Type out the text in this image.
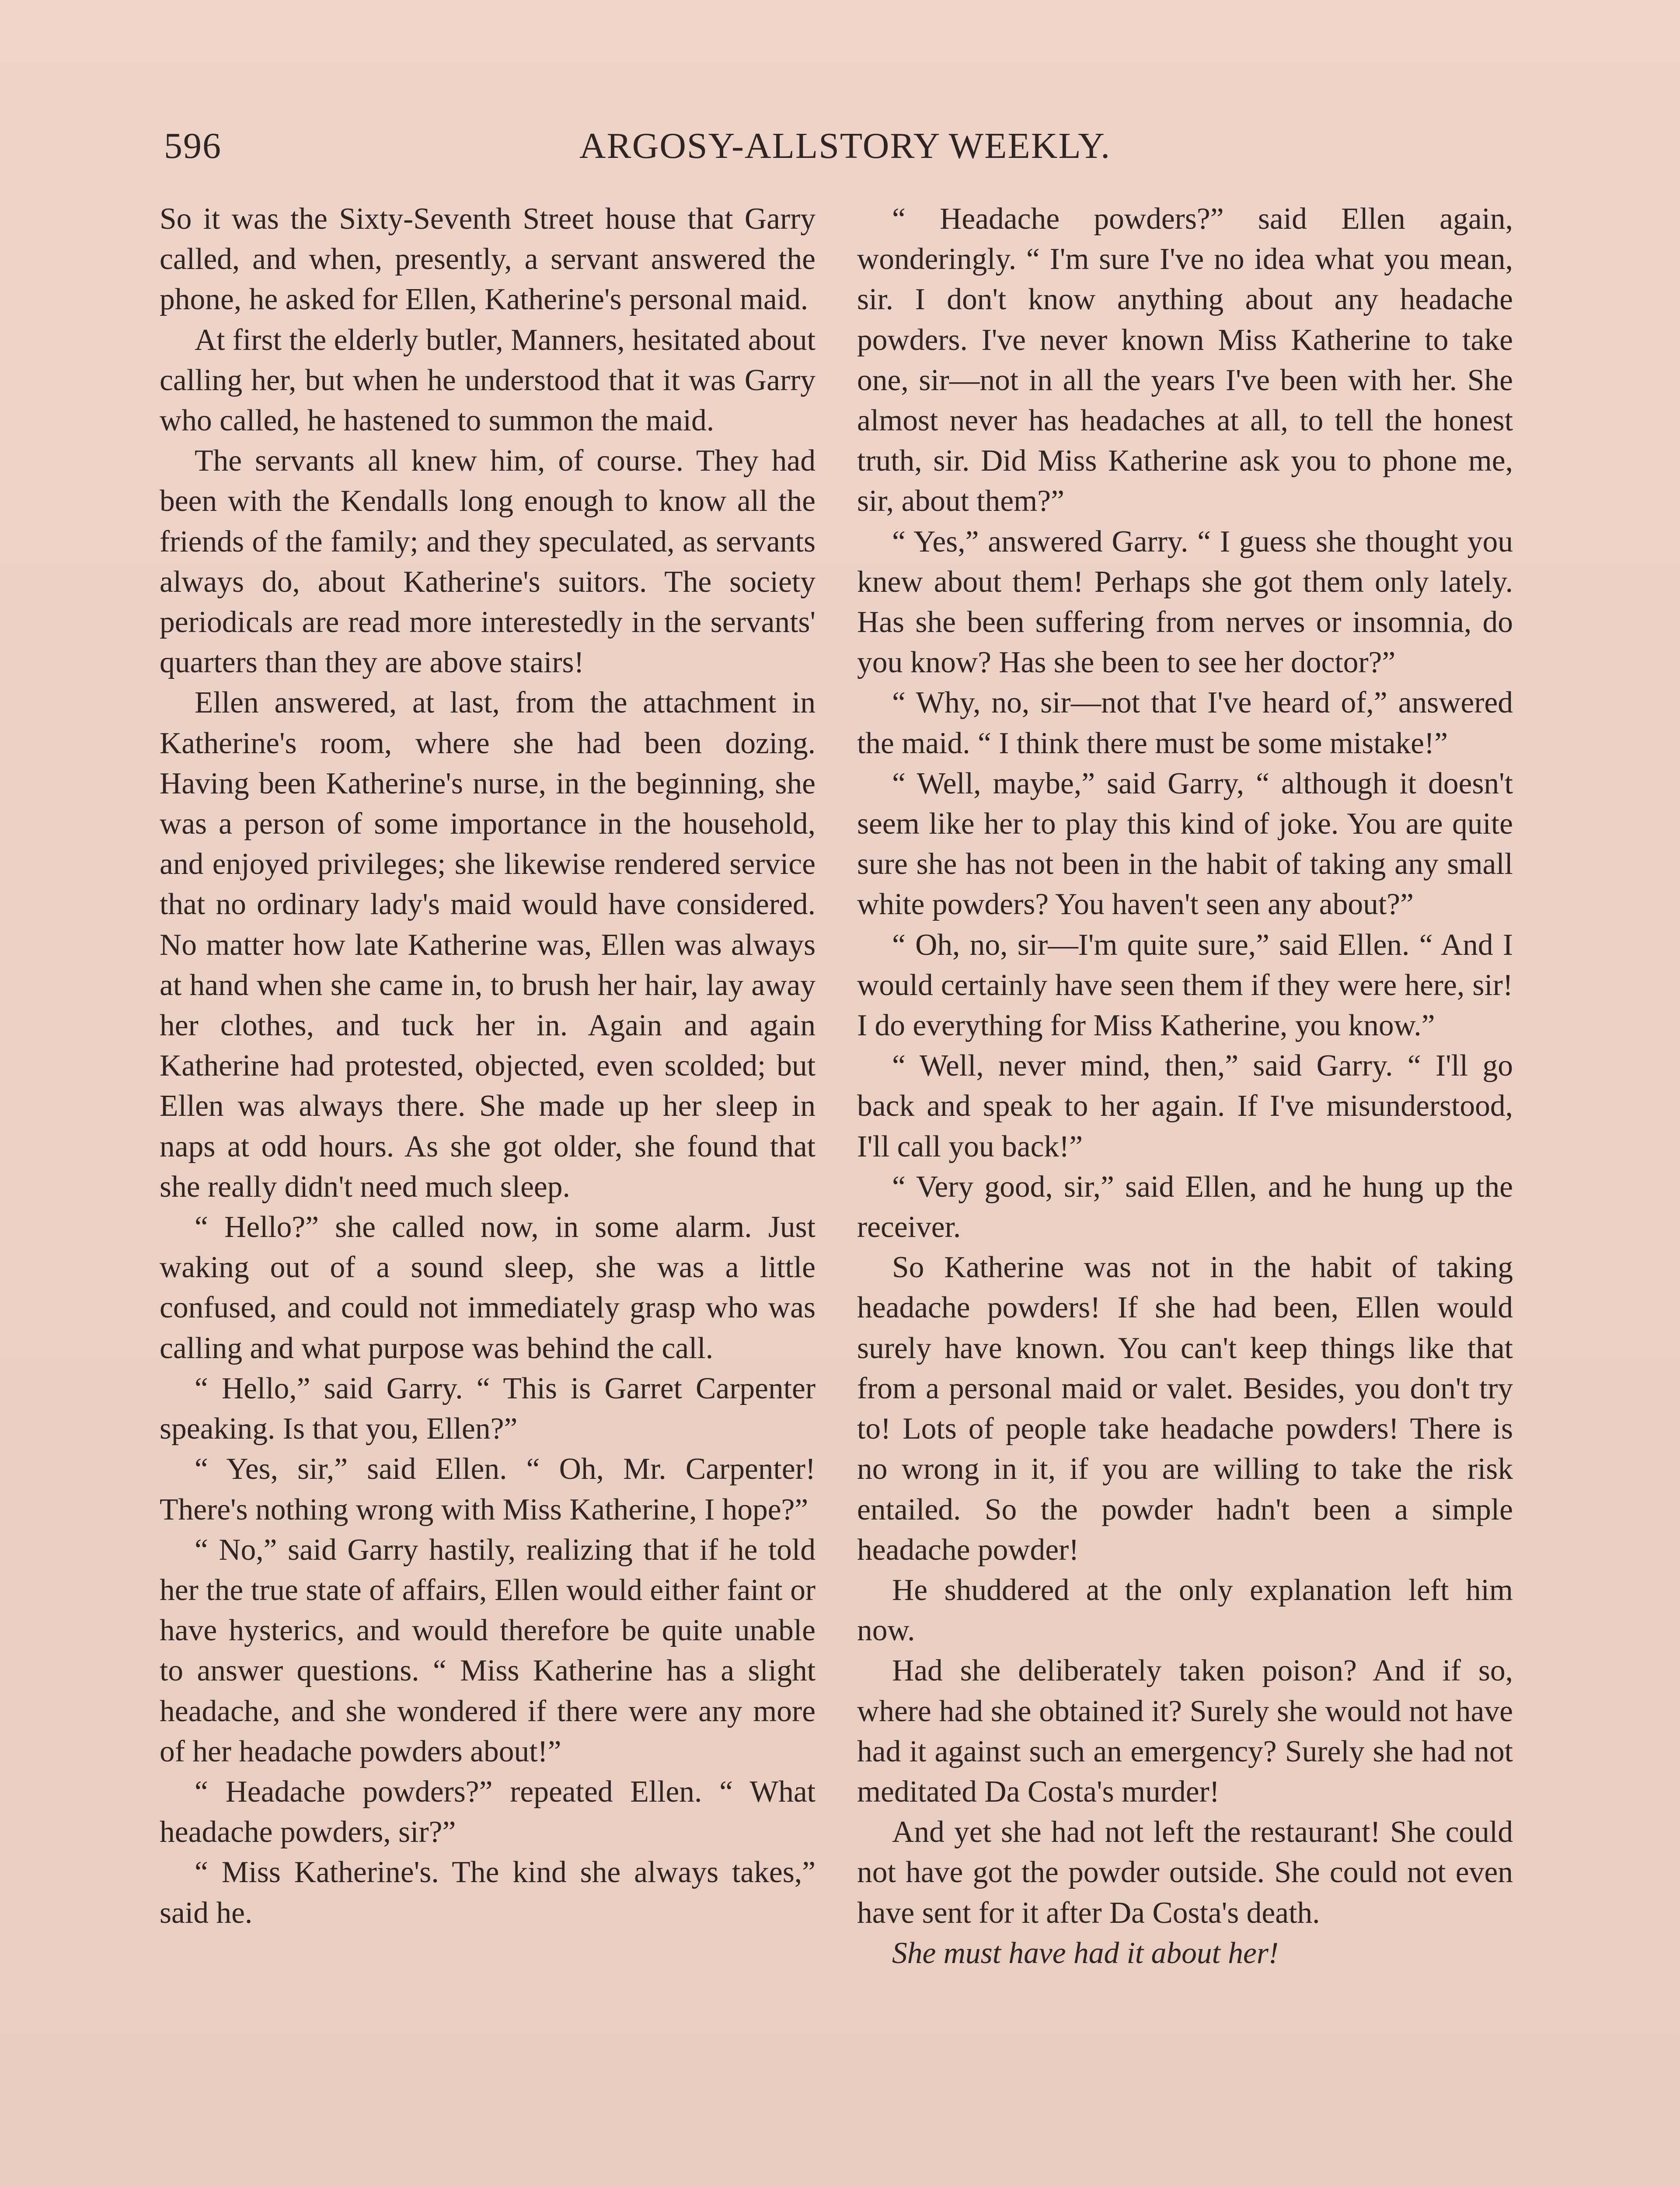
596	ARGOSY-ALLSTORY WEEKLY.

So it was the Sixty-Seventh Street house that Garry called, and when, presently, a servant answered the phone, he asked for Ellen, Katherine's personal maid.

At first the elderly butler, Manners, hesitated about calling her, but when he understood that it was Garry who called, he hastened to summon the maid.

The servants all knew him, of course. They had been with the Kendalls long enough to know all the friends of the family; and they speculated, as servants always do, about Katherine's suitors. The society periodicals are read more interestedly in the servants' quarters than they are above stairs!

Ellen answered, at last, from the attachment in Katherine's room, where she had been dozing. Having been Katherine's nurse, in the beginning, she was a person of some importance in the household, and enjoyed privileges; she likewise rendered service that no ordinary lady's maid would have considered. No matter how late Katherine was, Ellen was always at hand when she came in, to brush her hair, lay away her clothes, and tuck her in. Again and again Katherine had protested, objected, even scolded; but Ellen was always there. She made up her sleep in naps at odd hours. As she got older, she found that she really didn't need much sleep.

“ Hello?” she called now, in some alarm. Just waking out of a sound sleep, she was a little confused, and could not immediately grasp who was calling and what purpose was behind the call.

“ Hello,” said Garry. “ This is Garret Carpenter speaking. Is that you, Ellen?”

“ Yes, sir,” said Ellen. “ Oh, Mr. Carpenter! There's nothing wrong with Miss Katherine, I hope?”

“ No,” said Garry hastily, realizing that if he told her the true state of affairs, Ellen would either faint or have hysterics, and would therefore be quite unable to answer questions. “ Miss Katherine has a slight headache, and she wondered if there were any more of her headache powders about!”

“ Headache powders?” repeated Ellen. “ What headache powders, sir?”

“ Miss Katherine's. The kind she always takes,” said he.

“ Headache powders?” said Ellen again, wonderingly. “ I'm sure I've no idea what you mean, sir. I don't know anything about any headache powders. I've never known Miss Katherine to take one, sir—not in all the years I've been with her. She almost never has headaches at all, to tell the honest truth, sir. Did Miss Katherine ask you to phone me, sir, about them?”

“ Yes,” answered Garry. “ I guess she thought you knew about them! Perhaps she got them only lately. Has she been suffering from nerves or insomnia, do you know? Has she been to see her doctor?”

“ Why, no, sir—not that I've heard of,” answered the maid. “ I think there must be some mistake!”

“ Well, maybe,” said Garry, “ although it doesn't seem like her to play this kind of joke. You are quite sure she has not been in the habit of taking any small white powders? You haven't seen any about?”

“ Oh, no, sir—I'm quite sure,” said Ellen. “ And I would certainly have seen them if they were here, sir! I do everything for Miss Katherine, you know.”

“ Well, never mind, then,” said Garry. “ I'll go back and speak to her again. If I've misunderstood, I'll call you back!”

“ Very good, sir,” said Ellen, and he hung up the receiver.

So Katherine was not in the habit of taking headache powders! If she had been, Ellen would surely have known. You can't keep things like that from a personal maid or valet. Besides, you don't try to! Lots of people take headache powders! There is no wrong in it, if you are willing to take the risk entailed. So the powder hadn't been a simple headache powder!

He shuddered at the only explanation left him now.

Had she deliberately taken poison? And if so, where had she obtained it? Surely she would not have had it against such an emergency? Surely she had not meditated Da Costa's murder!

And yet she had not left the restaurant! She could not have got the powder outside. She could not even have sent for it after Da Costa's death.

She must have had it about her!
